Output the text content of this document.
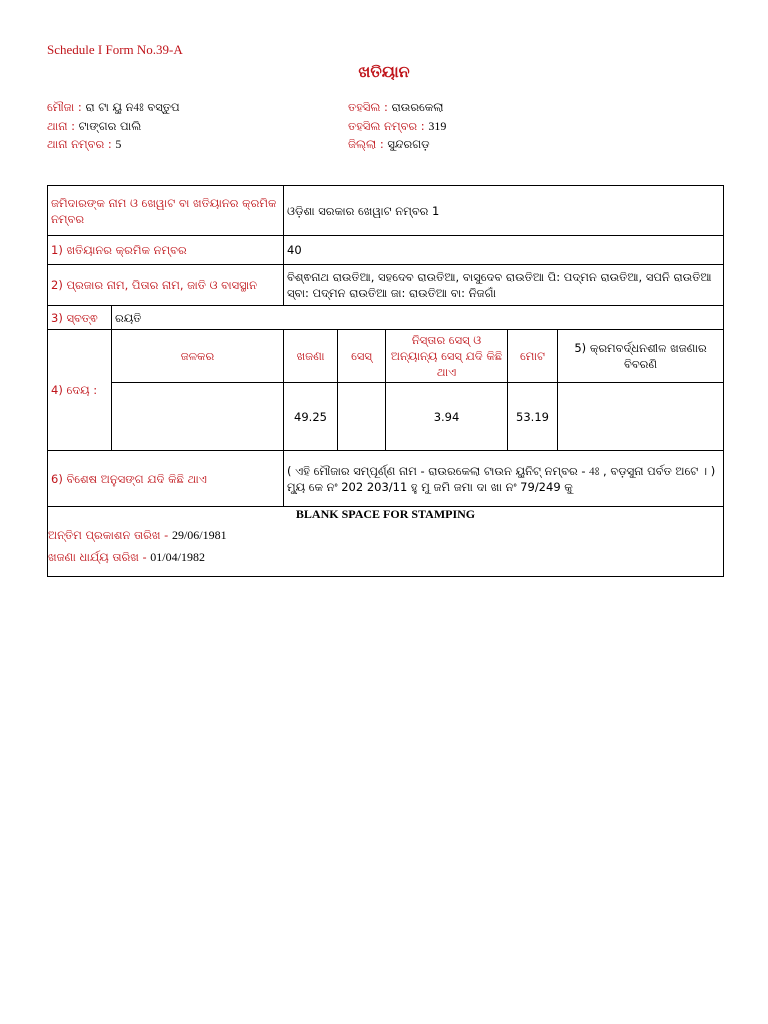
Schedule I Form No.39-A
ଖତିୟାନ
ମୌଜା : ରା ଟା ୟୁ ନ4ଃ ବସ୍ତୁପ
ଥାନା : ଟାଙ୍ଗର ପାଲି
ଥାନା ନମ୍ବର : 5
ତହସିଲ : ରାଉରକେଲା
ତହସିଲ ନମ୍ବର : 319
ଜିଲ୍ଲା : ସୁନ୍ଦରଗଡ଼
ଜମିଦାରଙ୍କ ନାମ ଓ ଖେୱାଟ ବା ଖତିୟାନର କ୍ରମିକ ନମ୍ବର		ଓଡ଼ିଶା ସରକାର ଖେୱାଟ ନମ୍ବର 1				
1) ଖତିୟାନର କ୍ରମିକ ନମ୍ବର		40				
2) ପ୍ରଜାର ନାମ, ପିତାର ନାମ, ଜାତି ଓ ବାସସ୍ଥାନ		ବିଶ୍ଵନାଥ ରାଉତିଆ, ସହଦେବ ରାଉତିଆ, ବାସୁଦେବ ରାଉତିଆ ପି: ପଦ୍ମନ ରାଉତିଆ, ସପନି ରାଉତିଆ ସ୍ବା: ପଦ୍ମନ ରାଉତିଆ ଜା: ରାଉତିଆ ବା: ନିଜଗାଁ				
3) ସ୍ବତ୍ଵ	ରୟତି					
4) ଦେୟ :	ଜଳକର	ଖଜଣା	ସେସ୍	ନିସ୍ତାର ସେସ୍ ଓ ଅନ୍ୟାନ୍ୟ ସେସ୍ ଯଦି କିଛି ଥାଏ	ମୋଟ	5) କ୍ରମବର୍ଦ୍ଧନଶୀଳ ଖଜଣାର ବିବରଣି
		49.25		3.94	53.19	
6) ବିଶେଷ ଅନୁସଙ୍ଗ ଯଦି କିଛି ଥାଏ		( ଏହି ମୌଜାର ସମ୍ପୂର୍ଣ୍ଣ ନାମ - ରାଉରକେଲା ଟାଉନ ୟୁନିଟ୍ ନମ୍ବର - 4ଃ , ବଡ଼ସୁନା ପର୍ବତ ଅଟେ । ) ମ୍ୟୁ କେ ନଂ 202 203/11 ହୁ ମୁ ଜମି ଜମା ଦା ଖା ନଂ 79/249 କୁ				

BLANK SPACE FOR STAMPING
ଅନ୍ତିମ ପ୍ରକାଶନ ତାରିଖ - 29/06/1981
ଖଜଣା ଧାର୍ଯ୍ୟ ତାରିଖ - 01/04/1982						
